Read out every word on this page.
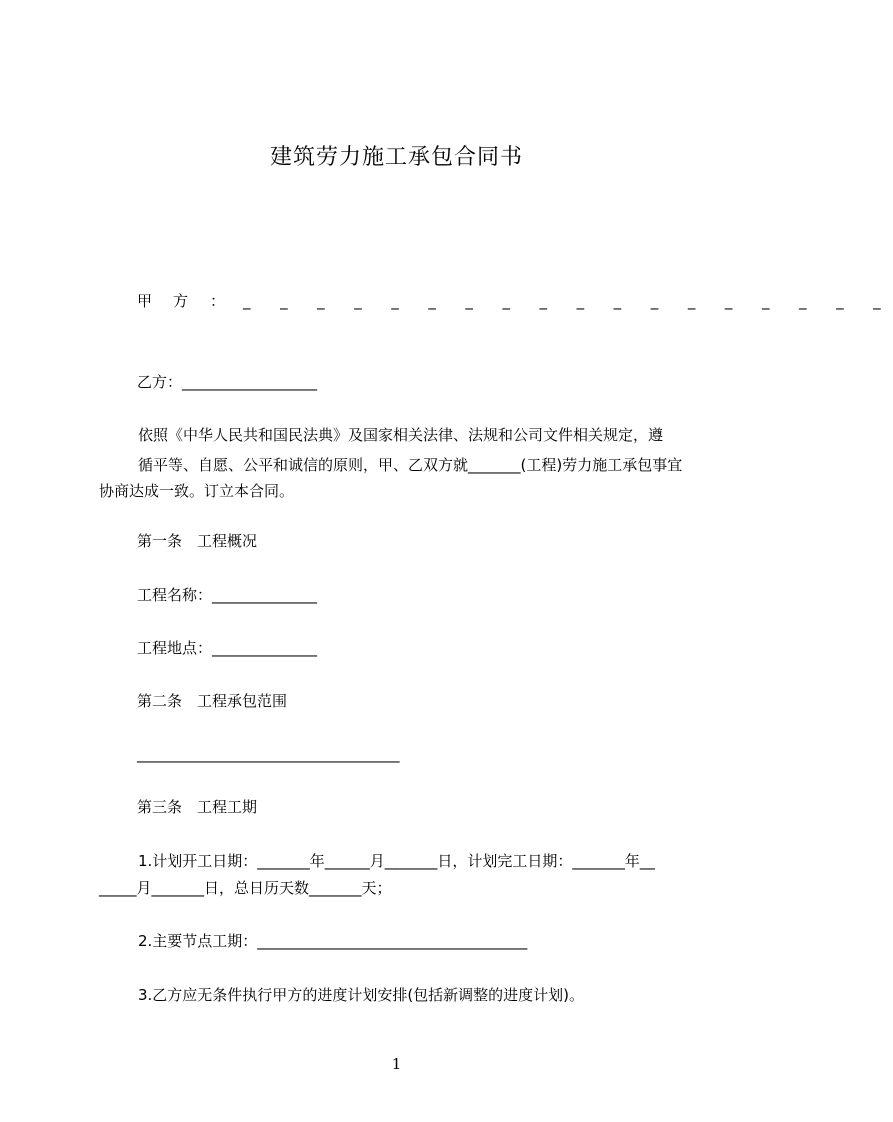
建筑劳力施工承包合同书
甲 方 ： _ _ _ _ _ _ _ _ _ _ _ _ _ _ _ _ _ _
乙方：__________________
依照《中华人民共和国民法典》及国家相关法律、法规和公司文件相关规定，遵
循平等、自愿、公平和诚信的原则，甲、乙双方就_______(工程)劳力施工承包事宜
协商达成一致。订立本合同。
第一条　工程概况
工程名称：______________
工程地点：______________
第二条　工程承包范围
___________________________________
第三条　工程工期
1.计划开工日期：_______年______月_______日，计划完工日期：_______年__
_____月_______日，总日历天数_______天；
2.主要节点工期：____________________________________
3.乙方应无条件执行甲方的进度计划安排(包括新调整的进度计划)。
1
